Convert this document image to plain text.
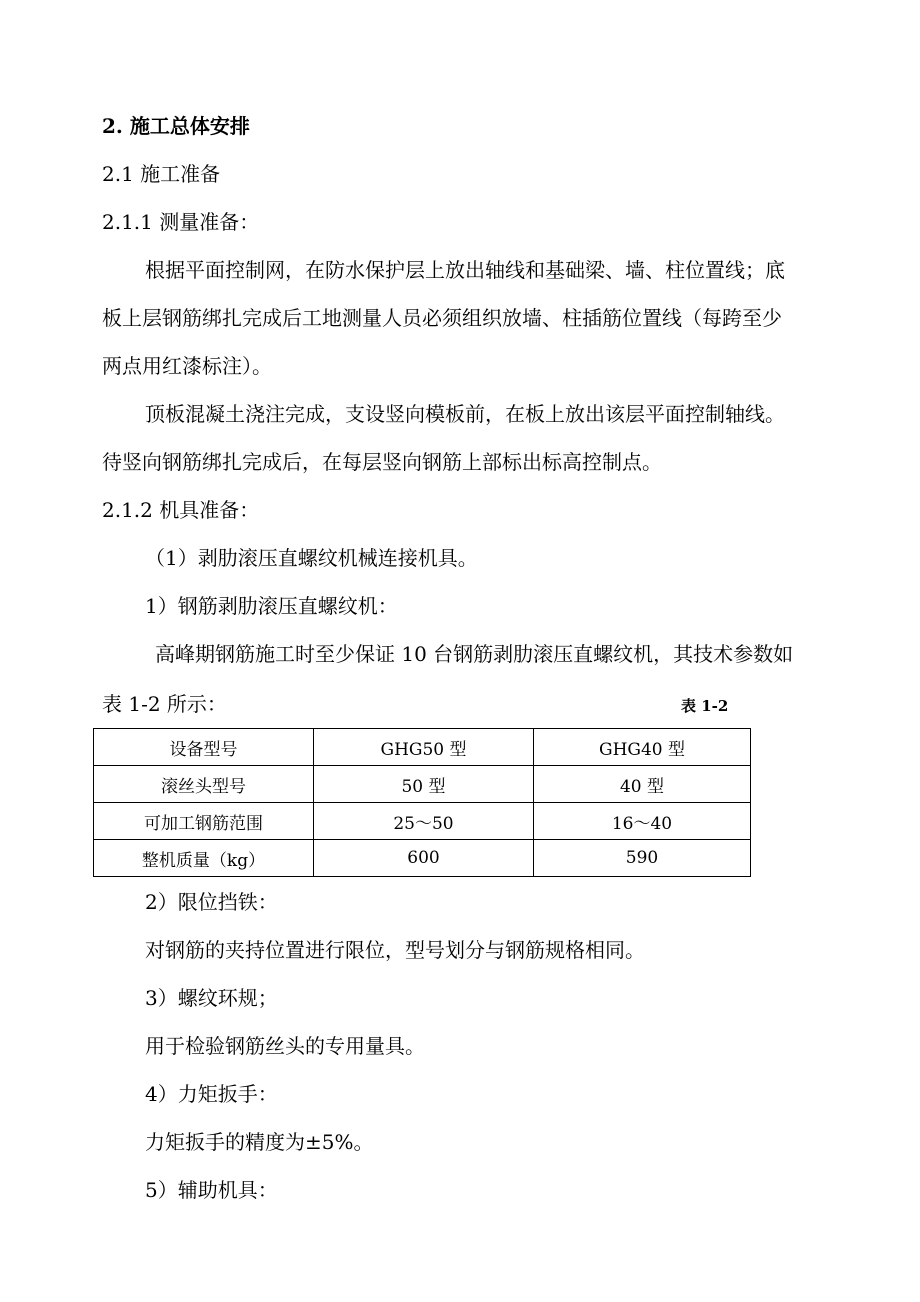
2. 施工总体安排
2.1 施工准备
2.1.1 测量准备：
根据平面控制网，在防水保护层上放出轴线和基础梁、墙、柱位置线；底
板上层钢筋绑扎完成后工地测量人员必须组织放墙、柱插筋位置线（每跨至少
两点用红漆标注）。
顶板混凝土浇注完成，支设竖向模板前，在板上放出该层平面控制轴线。
待竖向钢筋绑扎完成后，在每层竖向钢筋上部标出标高控制点。
2.1.2 机具准备：
（1）剥肋滚压直螺纹机械连接机具。
1）钢筋剥肋滚压直螺纹机：
高峰期钢筋施工时至少保证 10 台钢筋剥肋滚压直螺纹机，其技术参数如
表 1-2 所示：	表 1-2
设备型号	GHG50 型	GHG40 型
滚丝头型号	50 型	40 型
可加工钢筋范围	25～50	16～40
整机质量（kg）	600	590
2）限位挡铁：
对钢筋的夹持位置进行限位，型号划分与钢筋规格相同。
3）螺纹环规；
用于检验钢筋丝头的专用量具。
4）力矩扳手：
力矩扳手的精度为±5%。
5）辅助机具：
